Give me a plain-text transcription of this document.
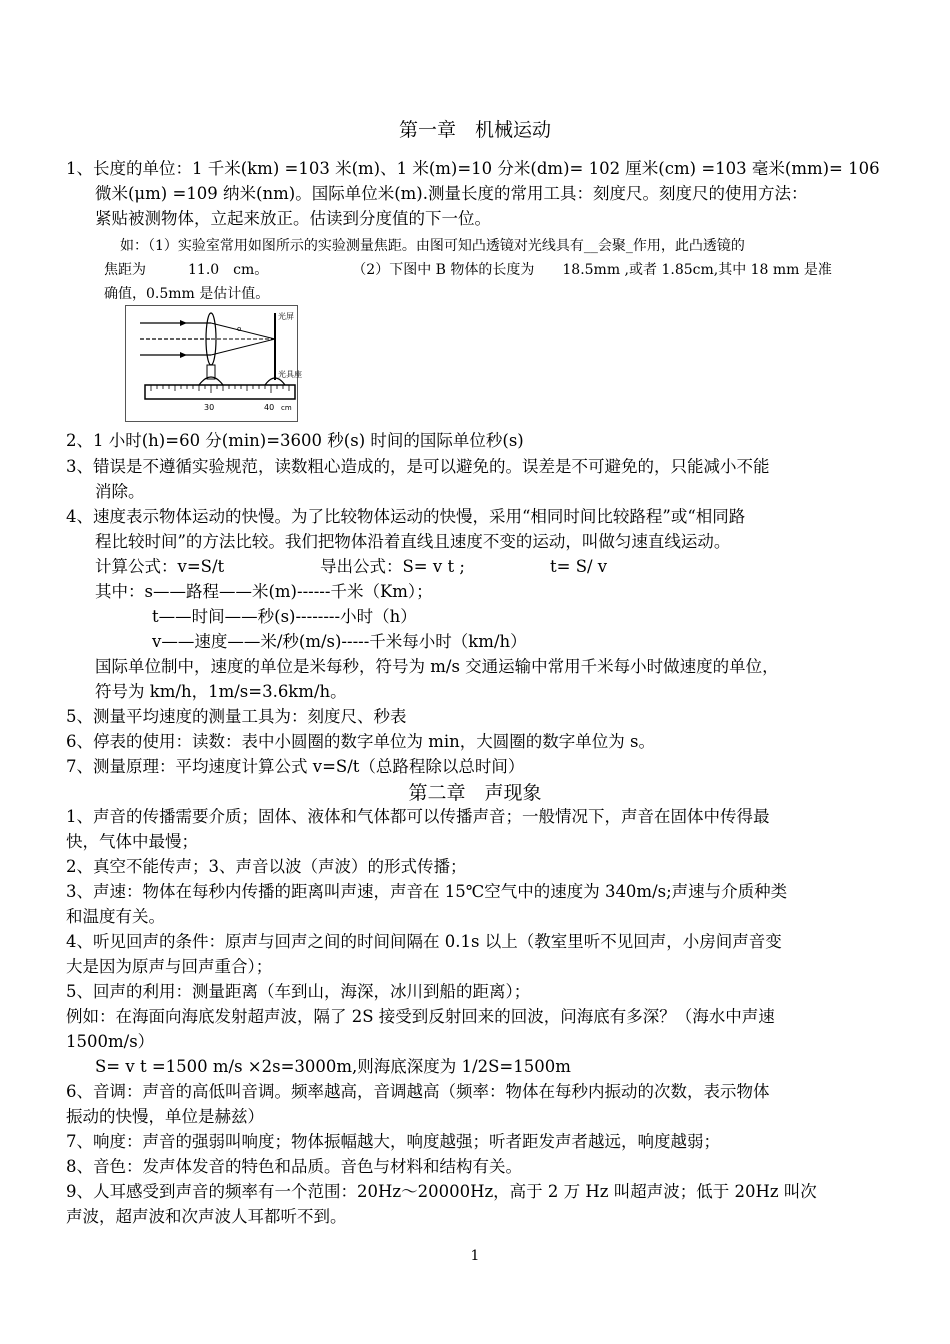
第一章　机械运动
1、长度的单位：1 千米(km) =103 米(m)、1 米(m)=10 分米(dm)= 102 厘米(cm) =103 毫米(mm)= 106
微米(μm) =109 纳米(nm)。国际单位米(m).测量长度的常用工具：刻度尺。刻度尺的使用方法：
紧贴被测物体，立起来放正。估读到分度值的下一位。
如：（1）实验室常用如图所示的实验测量焦距。由图可知凸透镜对光线具有__会聚_作用，此凸透镜的
焦距为　　　11.0　cm。　　　　　　　（2）下图中 B 物体的长度为　　18.5mm ,或者 1.85cm,其中 18 mm 是准
确值，0.5mm 是估计值。
o
光屏
光具座
30	40 cm
2、1 小时(h)=60 分(min)=3600 秒(s) 时间的国际单位秒(s)
3、错误是不遵循实验规范，读数粗心造成的，是可以避免的。误差是不可避免的，只能减小不能
消除。
4、速度表示物体运动的快慢。为了比较物体运动的快慢，采用“相同时间比较路程”或“相同路
程比较时间”的方法比较。我们把物体沿着直线且速度不变的运动，叫做匀速直线运动。
计算公式：v=S/t	导出公式：S= v t ;	t= S/ v
其中：s——路程——米(m)------千米（Km）；
t——时间——秒(s)--------小时（h）
v——速度——米/秒(m/s)-----千米每小时（km/h）
国际单位制中，速度的单位是米每秒，符号为 m/s 交通运输中常用千米每小时做速度的单位，
符号为 km/h，1m/s=3.6km/h。
5、测量平均速度的测量工具为：刻度尺、秒表
6、停表的使用：读数：表中小圆圈的数字单位为 min，大圆圈的数字单位为 s。
7、测量原理：平均速度计算公式 v=S/t（总路程除以总时间）
第二章　声现象
1、声音的传播需要介质；固体、液体和气体都可以传播声音；一般情况下，声音在固体中传得最
快，气体中最慢；
2、真空不能传声；3、声音以波（声波）的形式传播；
3、声速：物体在每秒内传播的距离叫声速，声音在 15℃空气中的速度为 340m/s;声速与介质种类
和温度有关。
4、听见回声的条件：原声与回声之间的时间间隔在 0.1s 以上（教室里听不见回声，小房间声音变
大是因为原声与回声重合）；
5、回声的利用：测量距离（车到山，海深，冰川到船的距离）；
例如：在海面向海底发射超声波，隔了 2S 接受到反射回来的回波，问海底有多深？（海水中声速
1500m/s）
S= v t =1500 m/s ×2s=3000m,则海底深度为 1/2S=1500m
6、音调：声音的高低叫音调。频率越高，音调越高（频率：物体在每秒内振动的次数，表示物体
振动的快慢，单位是赫兹）
7、响度：声音的强弱叫响度；物体振幅越大，响度越强；听者距发声者越远，响度越弱；
8、音色：发声体发音的特色和品质。音色与材料和结构有关。
9、人耳感受到声音的频率有一个范围：20Hz～20000Hz，高于 2 万 Hz 叫超声波；低于 20Hz 叫次
声波，超声波和次声波人耳都听不到。
1
